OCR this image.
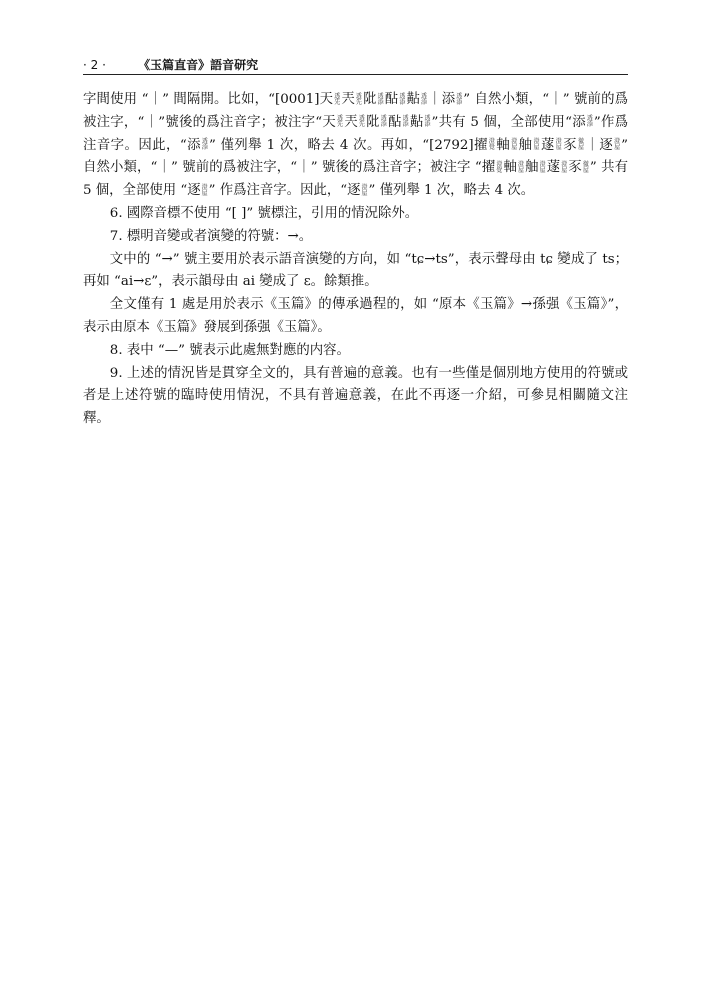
· 2 ·	《玉篇直音》語音研究

字間使用 “｜” 間隔開。比如，“[0001]天 透
先 兲 透
先 阰 透
添 酟 透
添 黇 透
添 ｜添 透
添 ” 自然小類，“｜” 號前的爲被注字，“｜”號後的爲注音字；被注字“天 透
先 兲 透
先 阰 透
添 酟 透
添 黇 透
添 ”共有 5 個，全部使用“添 透
添 ”作爲注音字。因此，“添 透
添 ” 僅列舉 1 次，略去 4 次。再如，“[2792]擢 澄
覺 軸 澄
屋 舳 澄
屋 蓫 澄
屋 豕 徹
屋 ｜逐 澄
屋 ” 自然小類，“｜” 號前的爲被注字，“｜” 號後的爲注音字；被注字 “擢 澄
覺 軸 澄
屋 舳 澄
屋 蓫 澄
屋 豕 徹
屋 ” 共有 5 個，全部使用 “逐 澄
屋 ” 作爲注音字。因此，“逐 澄
屋 ” 僅列舉 1 次，略去 4 次。

6. 國際音標不使用 “[ ]” 號標注，引用的情況除外。

7. 標明音變或者演變的符號：→。

文中的 “→” 號主要用於表示語音演變的方向，如 “tɕ→ts”，表示聲母由 tɕ 變成了 ts；再如 “ai→ε”，表示韻母由 ai 變成了 ε。餘類推。

全文僅有 1 處是用於表示《玉篇》的傳承過程的，如 “原本《玉篇》→孫强《玉篇》”，表示由原本《玉篇》發展到孫强《玉篇》。

8. 表中 “—” 號表示此處無對應的内容。

9. 上述的情況皆是貫穿全文的，具有普遍的意義。也有一些僅是個別地方使用的符號或者是上述符號的臨時使用情況，不具有普遍意義，在此不再逐一介紹，可參見相關隨文注釋。
